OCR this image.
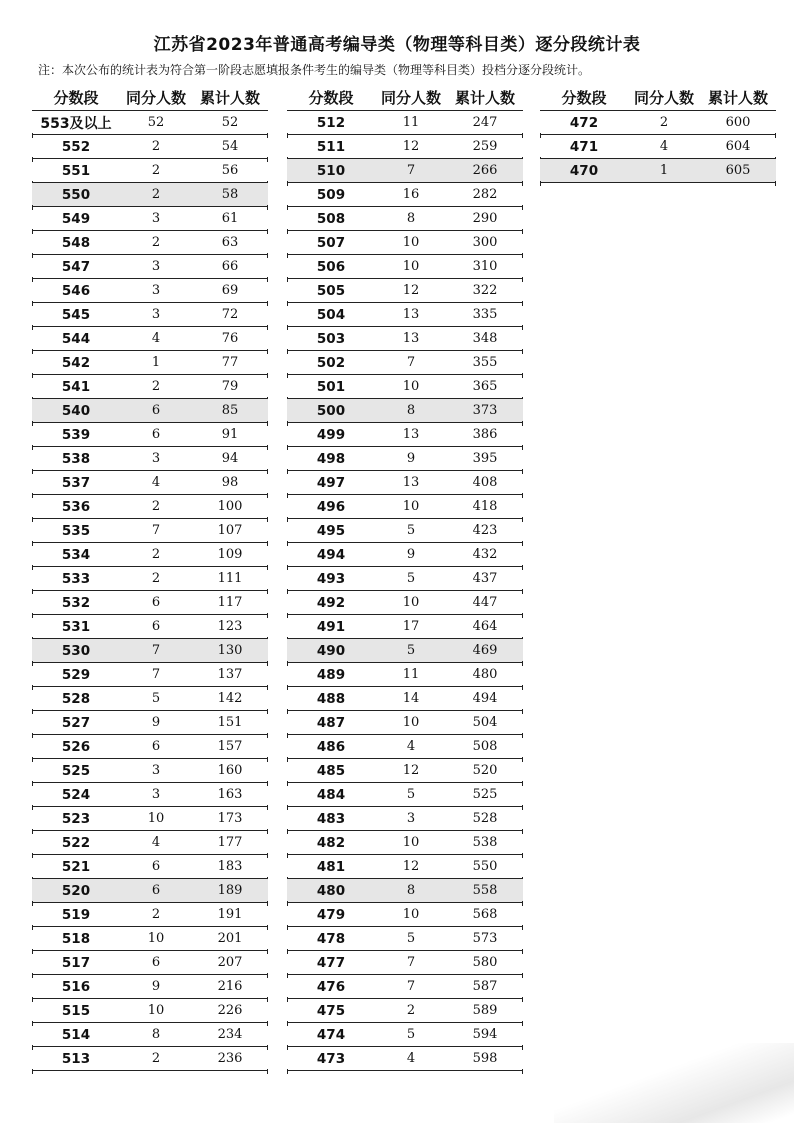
江苏省2023年普通高考编导类（物理等科目类）逐分段统计表
注：本次公布的统计表为符合第一阶段志愿填报条件考生的编导类（物理等科目类）投档分逐分段统计。
分数段	同分人数 累计人数
553及以上	52	52
552	2	54
551	2	56
550	2	58
549	3	61
548	2	63
547	3	66
546	3	69
545	3	72
544	4	76
542	1	77
541	2	79
540	6	85
539	6	91
538	3	94
537	4	98
536	2	100
535	7	107
534	2	109
533	2	111
532	6	117
531	6	123
530	7	130
529	7	137
528	5	142
527	9	151
526	6	157
525	3	160
524	3	163
523	10	173
522	4	177
521	6	183
520	6	189
519	2	191
518	10	201
517	6	207
516	9	216
515	10	226
514	8	234
513	2	236
分数段	同分人数 累计人数
512	11	247
511	12	259
510	7	266
509	16	282
508	8	290
507	10	300
506	10	310
505	12	322
504	13	335
503	13	348
502	7	355
501	10	365
500	8	373
499	13	386
498	9	395
497	13	408
496	10	418
495	5	423
494	9	432
493	5	437
492	10	447
491	17	464
490	5	469
489	11	480
488	14	494
487	10	504
486	4	508
485	12	520
484	5	525
483	3	528
482	10	538
481	12	550
480	8	558
479	10	568
478	5	573
477	7	580
476	7	587
475	2	589
474	5	594
473	4	598
分数段	同分人数 累计人数
472	2	600
471	4	604
470	1	605
